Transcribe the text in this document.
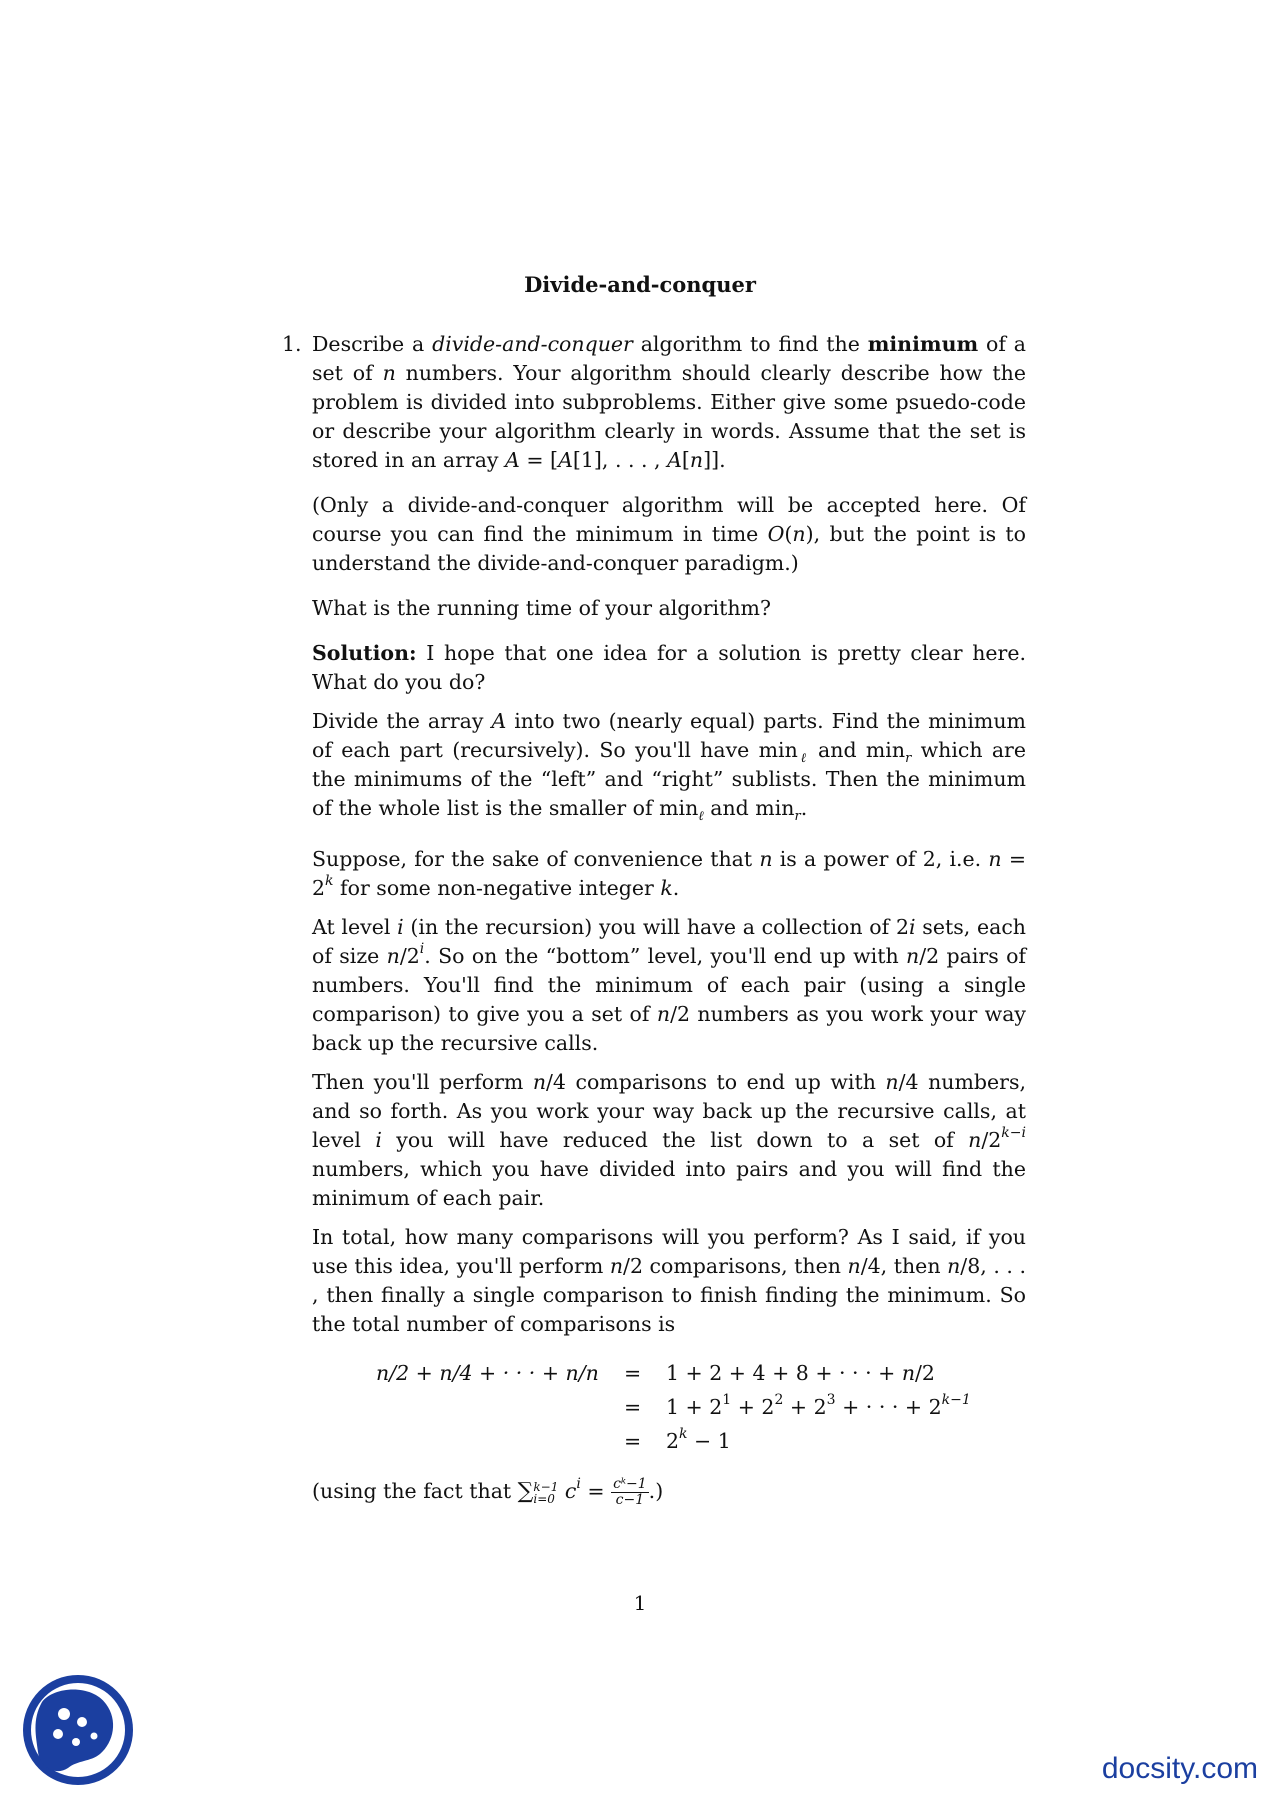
Divide-and-conquer
1. Describe a divide-and-conquer algorithm to find the minimum of a set of n numbers. Your algorithm should clearly describe how the problem is divided into subproblems. Either give some psuedo-code or describe your algorithm clearly in words. Assume that the set is stored in an array A = [A[1], . . . , A[n]].

(Only a divide-and-conquer algorithm will be accepted here. Of course you can find the minimum in time O(n), but the point is to understand the divide-and-conquer paradigm.)

What is the running time of your algorithm?

Solution: I hope that one idea for a solution is pretty clear here. What do you do?

Divide the array A into two (nearly equal) parts. Find the minimum of each part (recursively). So you'll have $\min_\ell$ and $\min_r$ which are the minimums of the “left” and “right” sublists. Then the minimum of the whole list is the smaller of $\min_\ell$ and $\min_r$.

Suppose, for the sake of convenience that n is a power of 2, i.e. $n = 2^k$ for some non-negative integer k.

At level i (in the recursion) you will have a collection of 2i sets, each of size n/2$^i$. So on the “bottom” level, you'll end up with n/2 pairs of numbers. You'll find the minimum of each pair (using a single comparison) to give you a set of n/2 numbers as you work your way back up the recursive calls.

Then you'll perform n/4 comparisons to end up with n/4 numbers, and so forth. As you work your way back up the recursive calls, at level i you will have reduced the list down to a set of $n/2^{k-i}$ numbers, which you have divided into pairs and you will find the minimum of each pair.

In total, how many comparisons will you perform? As I said, if you use this idea, you'll perform n/2 comparisons, then n/4, then n/8, . . . , then finally a single comparison to finish finding the minimum. So the total number of comparisons is

n/2 + n/4 + · · · + n/n = 1 + 2 + 4 + 8 + · · · + n/2
= $1 + 2^1 + 2^2 + 2^3$ + · · · + $2^{k-1}$
= $2^k - 1$

(using the fact that ∑ k−1
i=0 $c^i = \frac{\text{cᵏ−1}}{c-1}$ .)

1
docsity.com
